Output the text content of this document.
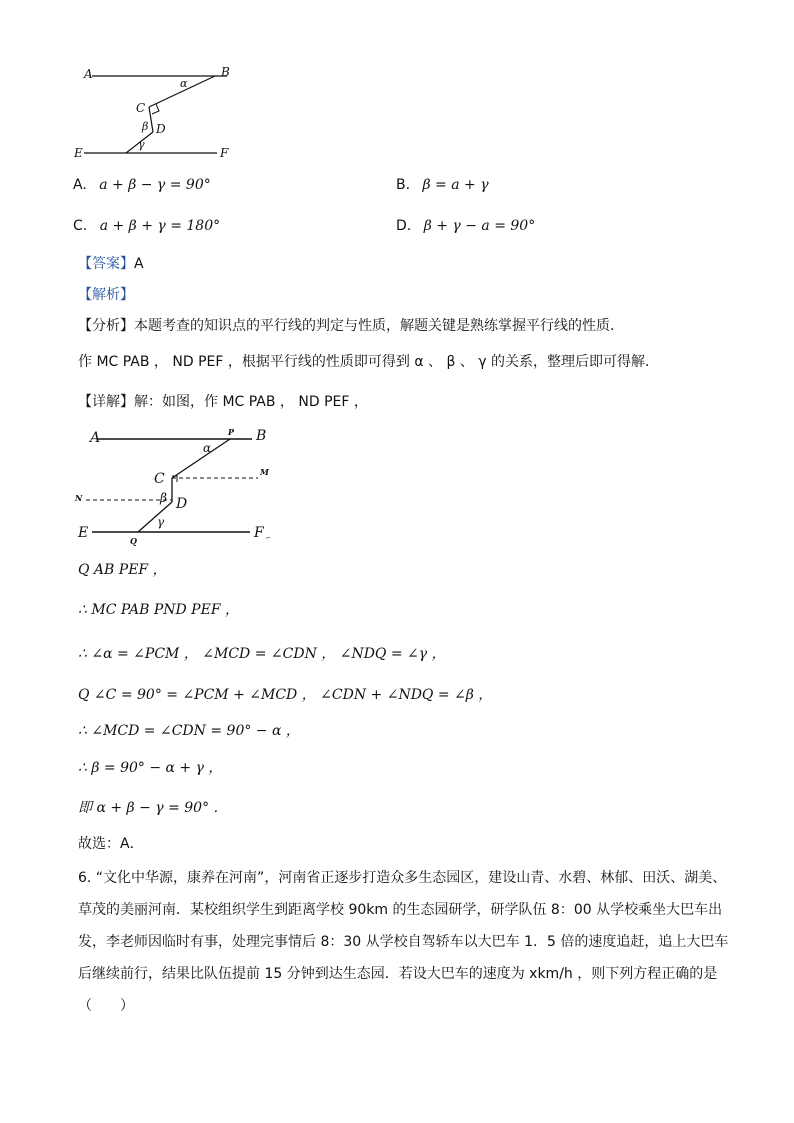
A	B
α
C
β D
γ
E	F
A. a + β − γ = 90°	B. β = a + γ
C. a + β + γ = 180°	D. β + γ − a = 90°
【答案】A
【解析】
【分析】本题考查的知识点的平行线的判定与性质，解题关键是熟练掌握平行线的性质．
作 MC PAB ， ND PEF ，根据平行线的性质即可得到 α 、 β 、 γ 的关系，整理后即可得解．
【详解】解：如图，作 MC PAB ， ND PEF ，
A	P B
α
C	M
N	β D
γ
E	Q	F ⌐
Q AB PEF ，
∴ MC PAB PND PEF ，
∴ ∠α = ∠PCM ， ∠MCD = ∠CDN ， ∠NDQ = ∠γ ，
Q ∠C = 90° = ∠PCM + ∠MCD ， ∠CDN + ∠NDQ = ∠β ，
∴ ∠MCD = ∠CDN = 90° − α ，
∴ β = 90° − α + γ ，
即 α + β − γ = 90° ．
故选：A．
6. “文化中华源，康养在河南”，河南省正逐步打造众多生态园区，建设山青、水碧、林郁、田沃、湖美、草茂的美丽河南．某校组织学生到距离学校 90km 的生态园研学，研学队伍 8：00 从学校乘坐大巴车出发，李老师因临时有事，处理完事情后 8：30 从学校自驾轿车以大巴车 1．5 倍的速度追赶，追上大巴车后继续前行，结果比队伍提前 15 分钟到达生态园．若设大巴车的速度为 xkm/h ，则下列方程正确的是（　　）
